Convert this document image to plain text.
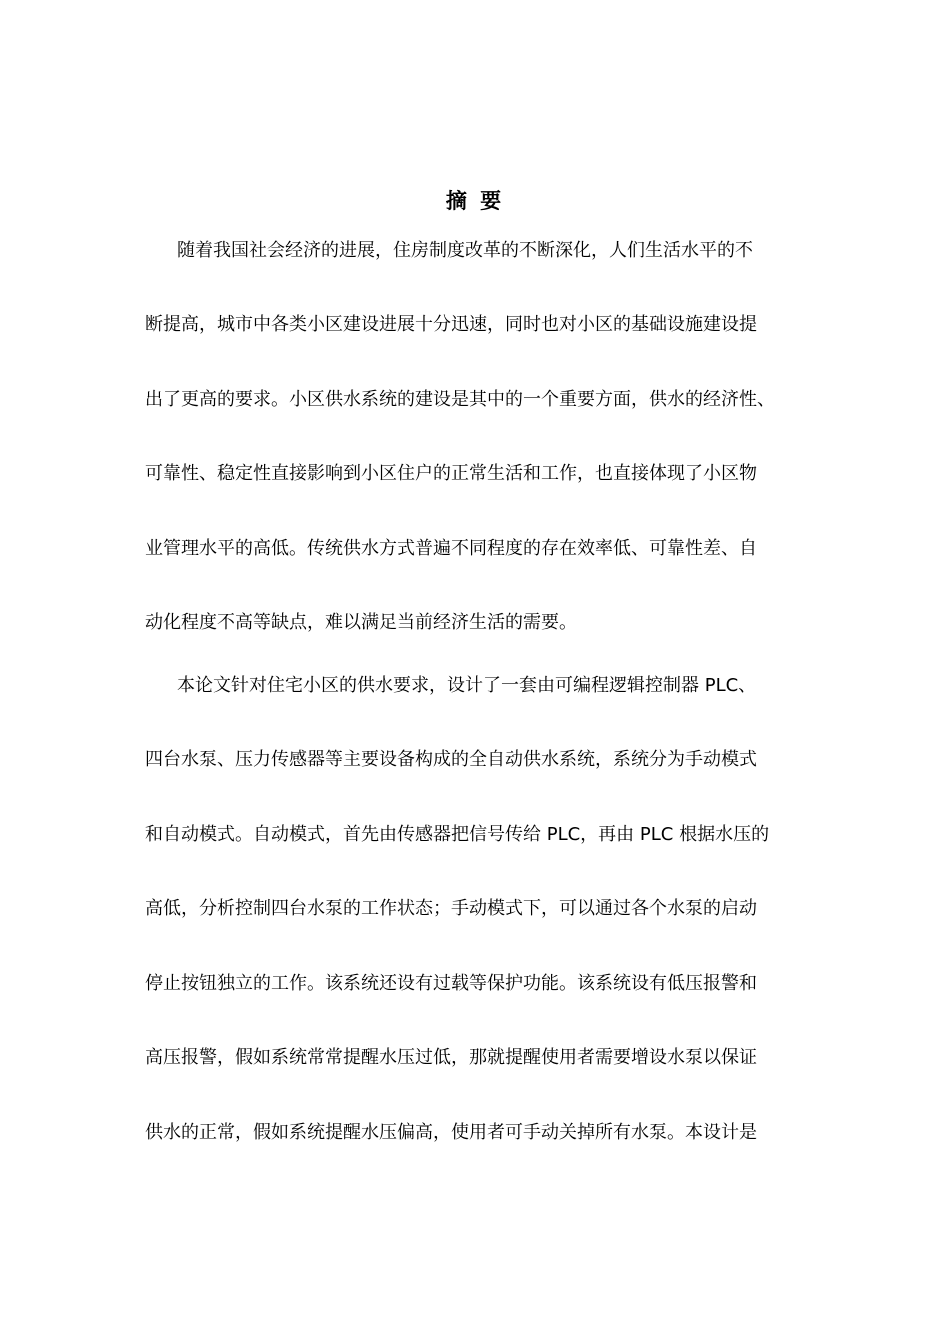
摘 要
随着我国社会经济的进展，住房制度改革的不断深化，人们生活水平的不
断提高，城市中各类小区建设进展十分迅速，同时也对小区的基础设施建设提
出了更高的要求。小区供水系统的建设是其中的一个重要方面，供水的经济性、
可靠性、稳定性直接影响到小区住户的正常生活和工作，也直接体现了小区物
业管理水平的高低。传统供水方式普遍不同程度的存在效率低、可靠性差、自
动化程度不高等缺点，难以满足当前经济生活的需要。
本论文针对住宅小区的供水要求，设计了一套由可编程逻辑控制器 PLC、
四台水泵、压力传感器等主要设备构成的全自动供水系统，系统分为手动模式
和自动模式。自动模式，首先由传感器把信号传给 PLC，再由 PLC 根据水压的
高低，分析控制四台水泵的工作状态；手动模式下，可以通过各个水泵的启动
停止按钮独立的工作。该系统还设有过载等保护功能。该系统设有低压报警和
高压报警，假如系统常常提醒水压过低，那就提醒使用者需要增设水泵以保证
供水的正常，假如系统提醒水压偏高，使用者可手动关掉所有水泵。本设计是
